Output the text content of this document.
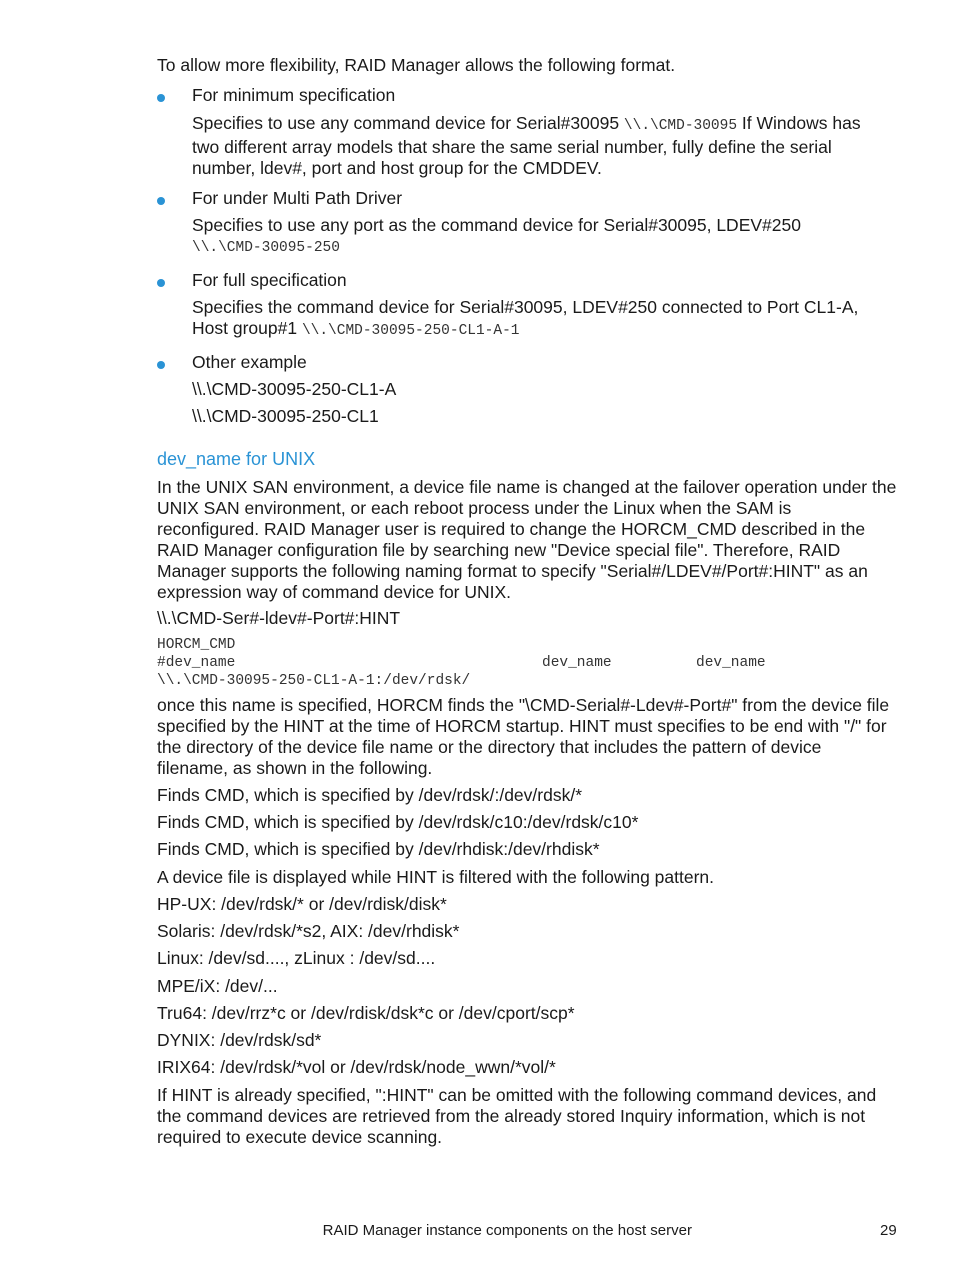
To allow more flexibility, RAID Manager allows the following format.
For minimum specification
Specifies to use any command device for Serial#30095 \\.\CMD-30095 If Windows has two different array models that share the same serial number, fully define the serial number, ldev#, port and host group for the CMDDEV.
For under Multi Path Driver
Specifies to use any port as the command device for Serial#30095, LDEV#250
\\.\CMD-30095-250
For full specification
Specifies the command device for Serial#30095, LDEV#250 connected to Port CL1-A, Host group#1 \\.\CMD-30095-250-CL1-A-1
Other example
\\.\CMD-30095-250-CL1-A
\\.\CMD-30095-250-CL1
dev_name for UNIX
In the UNIX SAN environment, a device file name is changed at the failover operation under the UNIX SAN environment, or each reboot process under the Linux when the SAM is reconfigured. RAID Manager user is required to change the HORCM_CMD described in the RAID Manager configuration file by searching new "Device special file". Therefore, RAID Manager supports the following naming format to specify "Serial#/LDEV#/Port#:HINT" as an expression way of command device for UNIX.
\\.\CMD-Ser#-ldev#-Port#:HINT
HORCM_CMD
#dev_name	dev_name	dev_name
\\.\CMD-30095-250-CL1-A-1:/dev/rdsk/
once this name is specified, HORCM finds the "\CMD-Serial#-Ldev#-Port#" from the device file specified by the HINT at the time of HORCM startup. HINT must specifies to be end with "/" for the directory of the device file name or the directory that includes the pattern of device filename, as shown in the following.
Finds CMD, which is specified by /dev/rdsk/:/dev/rdsk/*
Finds CMD, which is specified by /dev/rdsk/c10:/dev/rdsk/c10*
Finds CMD, which is specified by /dev/rhdisk:/dev/rhdisk*
A device file is displayed while HINT is filtered with the following pattern.
HP-UX: /dev/rdsk/* or /dev/rdisk/disk*
Solaris: /dev/rdsk/*s2, AIX: /dev/rhdisk*
Linux: /dev/sd...., zLinux : /dev/sd....
MPE/iX: /dev/...
Tru64: /dev/rrz*c or /dev/rdisk/dsk*c or /dev/cport/scp*
DYNIX: /dev/rdsk/sd*
IRIX64: /dev/rdsk/*vol or /dev/rdsk/node_wwn/*vol/*
If HINT is already specified, ":HINT" can be omitted with the following command devices, and the command devices are retrieved from the already stored Inquiry information, which is not required to execute device scanning.
RAID Manager instance components on the host server	29
